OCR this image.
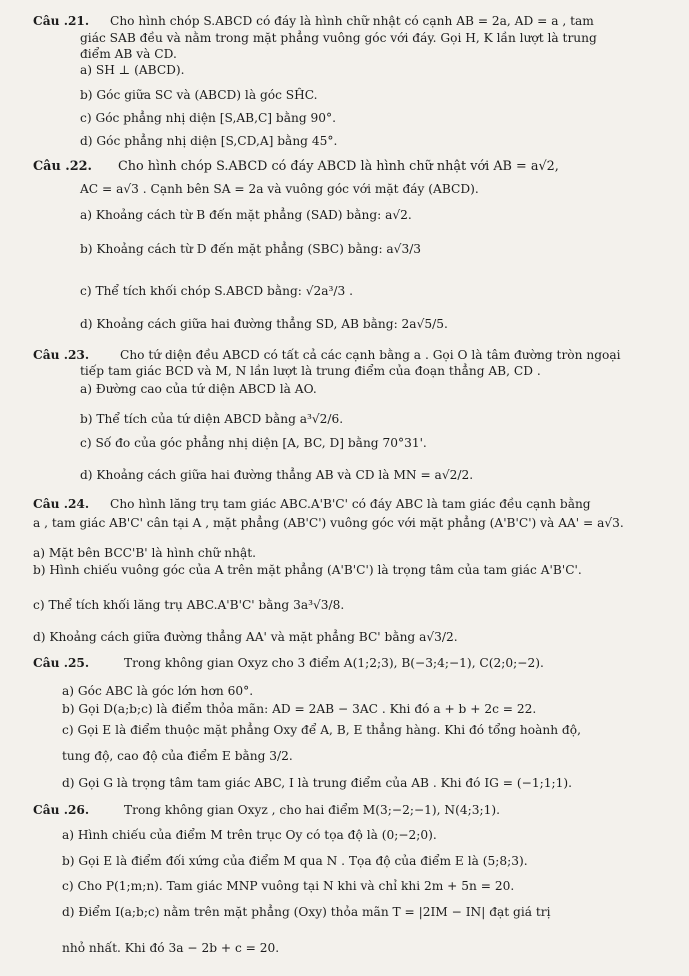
Câu .21. Cho hình chóp S.ABCD có đáy là hình chữ nhật có cạnh AB = 2a, AD = a , tam
giác SAB đều và nằm trong mặt phẳng vuông góc với đáy. Gọi H, K lần lượt là trung
điểm AB và CD.
a) SH ⊥ (ABCD).
b) Góc giữa SC và (ABCD) là góc SĤC.
c) Góc phẳng nhị diện [S,AB,C] bằng 90°.
d) Góc phẳng nhị diện [S,CD,A] bằng 45°.
Câu .22. Cho hình chóp S.ABCD có đáy ABCD là hình chữ nhật với AB = a√2,
AC = a√3 . Cạnh bên SA = 2a và vuông góc với mặt đáy (ABCD).
a) Khoảng cách từ B đến mặt phẳng (SAD) bằng: a√2.
b) Khoảng cách từ D đến mặt phẳng (SBC) bằng: a√3/3
c) Thể tích khối chóp S.ABCD bằng: √2a³/3 .
d) Khoảng cách giữa hai đường thẳng SD, AB bằng: 2a√5/5.
Câu .23.	Cho tứ diện đều ABCD có tất cả các cạnh bằng a . Gọi O là tâm đường tròn ngoại
tiếp tam giác BCD và M, N lần lượt là trung điểm của đoạn thẳng AB, CD .
a) Đường cao của tứ diện ABCD là AO.
b) Thể tích của tứ diện ABCD bằng a³√2/6.
c) Số đo của góc phẳng nhị diện [A, BC, D] bằng 70°31'.
d) Khoảng cách giữa hai đường thẳng AB và CD là MN = a√2/2.
Câu .24. Cho hình lăng trụ tam giác ABC.A'B'C' có đáy ABC là tam giác đều cạnh bằng
a , tam giác AB'C' cân tại A , mặt phẳng (AB'C') vuông góc với mặt phẳng (A'B'C') và AA' = a√3.
a) Mặt bên BCC'B' là hình chữ nhật.
b) Hình chiếu vuông góc của A trên mặt phẳng (A'B'C') là trọng tâm của tam giác A'B'C'.
c) Thể tích khối lăng trụ ABC.A'B'C' bằng 3a³√3/8.
d) Khoảng cách giữa đường thẳng AA' và mặt phẳng BC' bằng a√3/2.
Câu .25.	Trong không gian Oxyz cho 3 điểm A(1;2;3), B(−3;4;−1), C(2;0;−2).
a) Góc ABC là góc lớn hơn 60°.
b) Gọi D(a;b;c) là điểm thỏa mãn: AD = 2AB − 3AC . Khi đó a + b + 2c = 22.
c) Gọi E là điểm thuộc mặt phẳng Oxy để A, B, E thẳng hàng. Khi đó tổng hoành độ,
tung độ, cao độ của điểm E bằng 3/2.
d) Gọi G là trọng tâm tam giác ABC, I là trung điểm của AB . Khi đó IG = (−1;1;1).
Câu .26.	Trong không gian Oxyz , cho hai điểm M(3;−2;−1), N(4;3;1).
a) Hình chiếu của điểm M trên trục Oy có tọa độ là (0;−2;0).
b) Gọi E là điểm đối xứng của điểm M qua N . Tọa độ của điểm E là (5;8;3).
c) Cho P(1;m;n). Tam giác MNP vuông tại N khi và chỉ khi 2m + 5n = 20.
d) Điểm I(a;b;c) nằm trên mặt phẳng (Oxy) thỏa mãn T = |2IM − IN| đạt giá trị
nhỏ nhất. Khi đó 3a − 2b + c = 20.
